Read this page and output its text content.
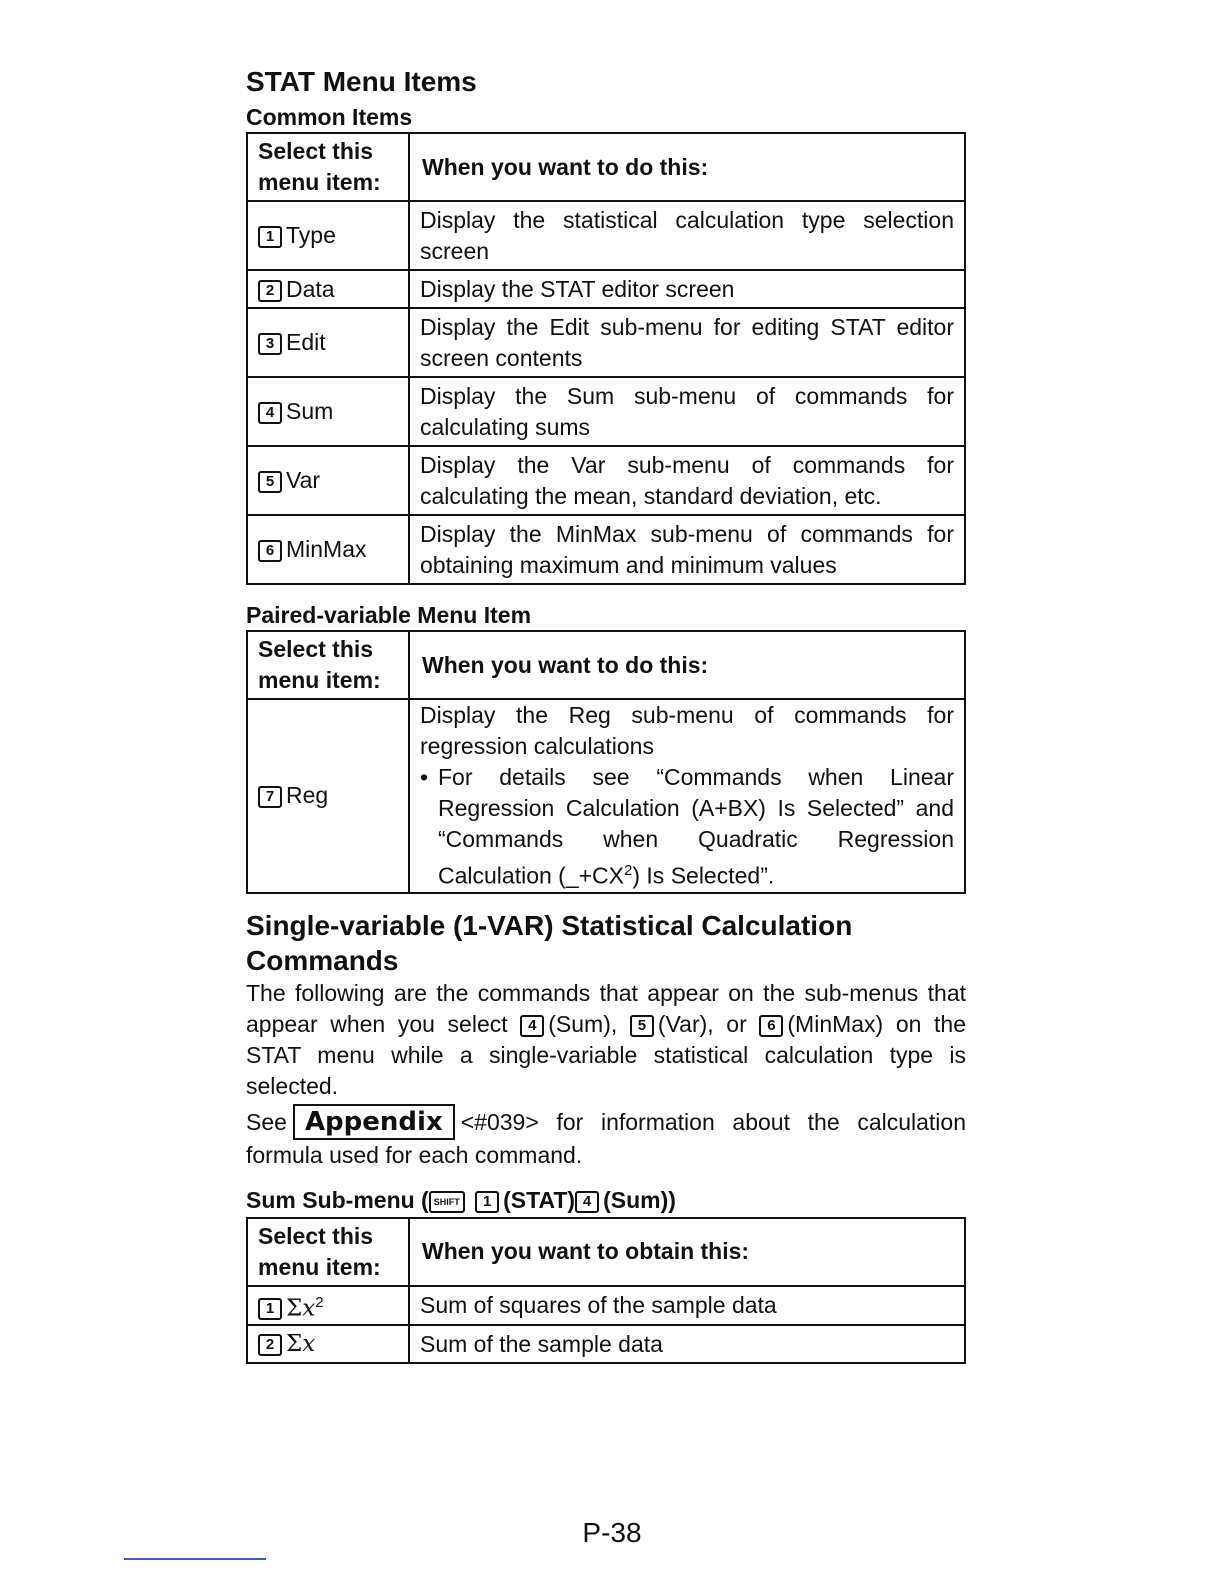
STAT Menu Items
Common Items
Select this
menu item:	When you want to do this:
1 Type	Display the statistical calculation type selection screen
2 Data	Display the STAT editor screen
3 Edit	Display the Edit sub-menu for editing STAT editor screen contents
4 Sum	Display the Sum sub-menu of commands for calculating sums
5 Var	Display the Var sub-menu of commands for calculating the mean, standard deviation, etc.
6 MinMax	Display the MinMax sub-menu of commands for obtaining maximum and minimum values
Paired-variable Menu Item
Select this
menu item:	When you want to do this:
7 Reg	Display the Reg sub-menu of commands for regression calculations
• For details see “Commands when Linear Regression Calculation (A+BX) Is Selected” and “Commands when Quadratic Regression Calculation $(\_+CX^2)$ Is Selected”.
Single-variable (1-VAR) Statistical Calculation
Commands

The following are the commands that appear on the sub-menus that appear when you select 4 (Sum), 5 (Var), or 6 (MinMax) on the STAT menu while a single-variable statistical calculation type is selected.

See Appendix <#039> for information about the calculation formula used for each command.

Sum Sub-menu ( SHIFT 1 (STAT) 4 (Sum))
Select this
menu item:	When you want to obtain this:
1 $\Sigma x^2$	Sum of squares of the sample data
2 Σx	Sum of the sample data
P-38
